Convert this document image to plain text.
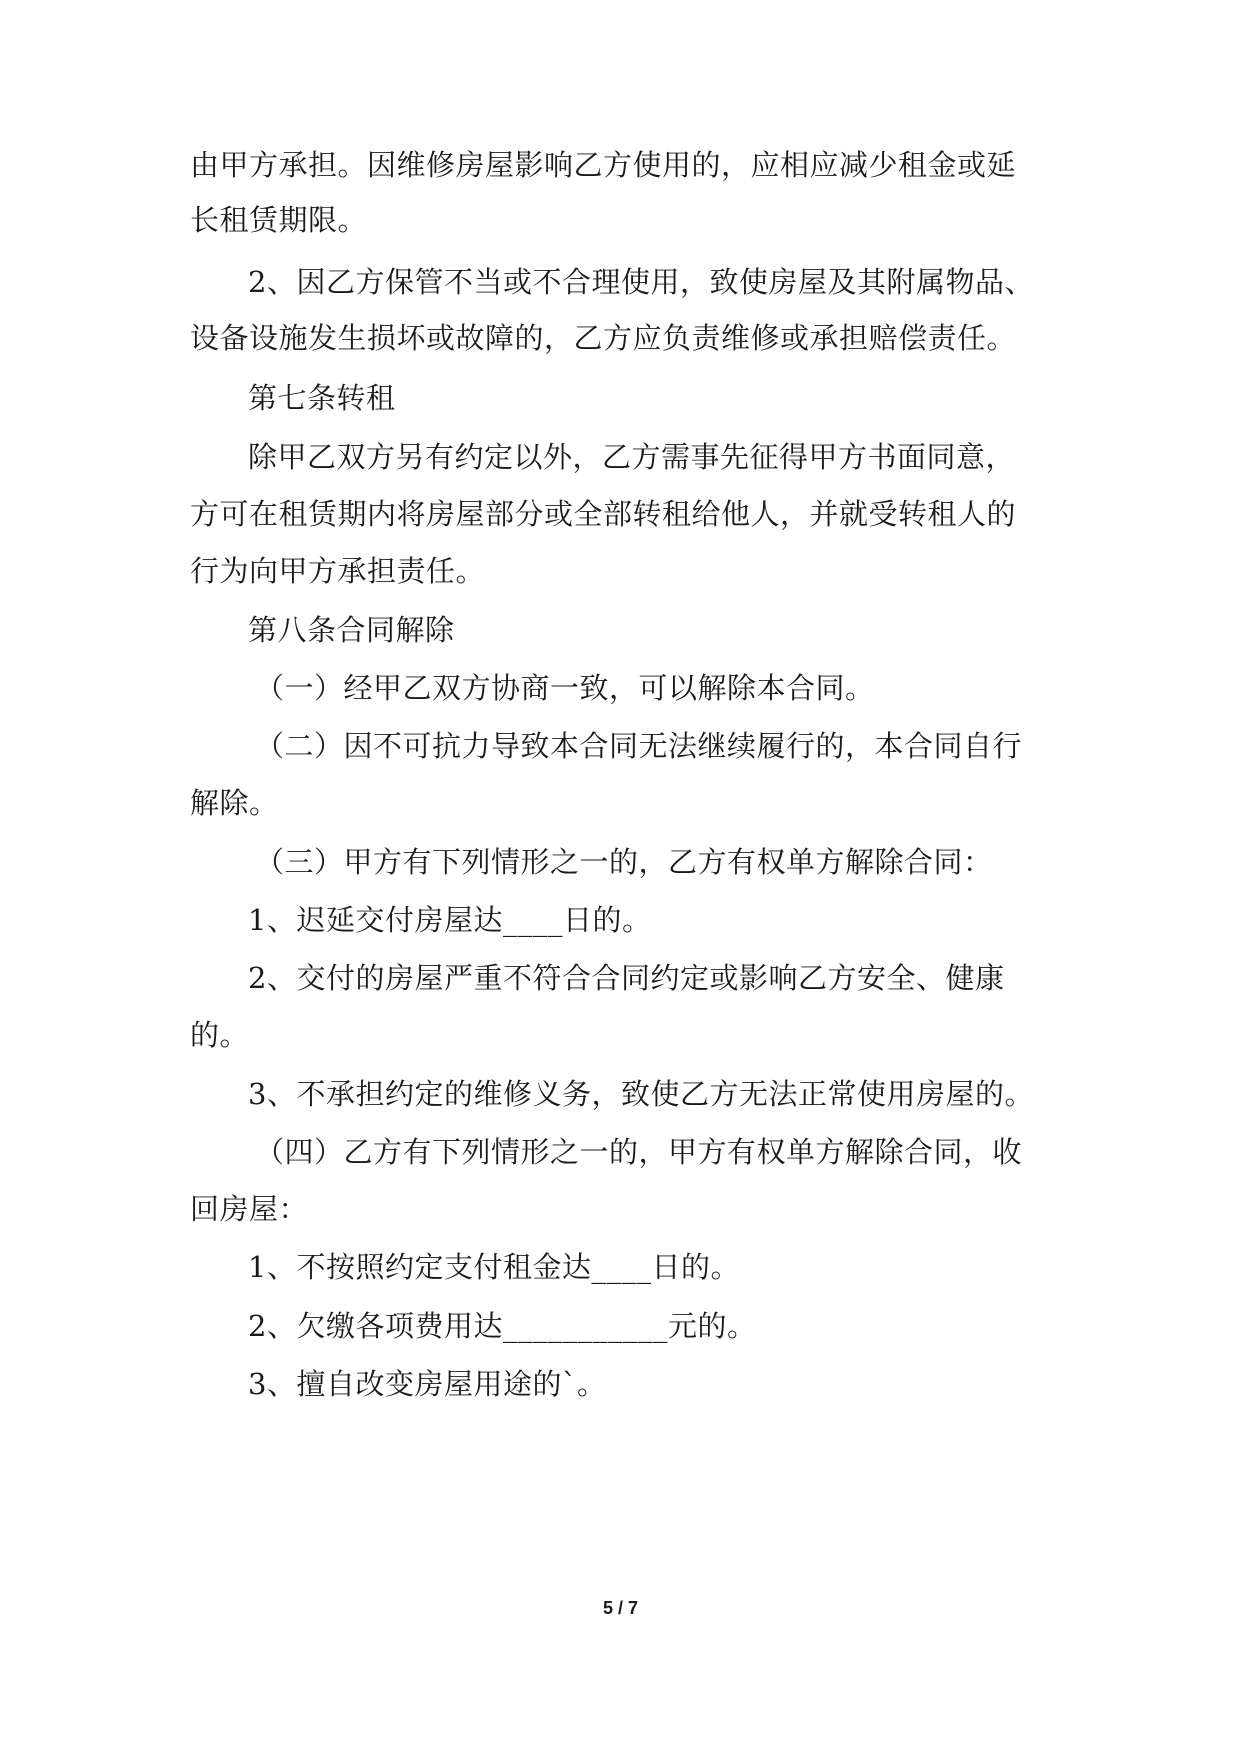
由甲方承担。因维修房屋影响乙方使用的，应相应减少租金或延
长租赁期限。
2、因乙方保管不当或不合理使用，致使房屋及其附属物品、
设备设施发生损坏或故障的，乙方应负责维修或承担赔偿责任。
第七条转租
除甲乙双方另有约定以外，乙方需事先征得甲方书面同意，
方可在租赁期内将房屋部分或全部转租给他人，并就受转租人的
行为向甲方承担责任。
第八条合同解除
（一）经甲乙双方协商一致，可以解除本合同。
（二）因不可抗力导致本合同无法继续履行的，本合同自行
解除。
（三）甲方有下列情形之一的，乙方有权单方解除合同：
1、迟延交付房屋达____日的。
2、交付的房屋严重不符合合同约定或影响乙方安全、健康
的。
3、不承担约定的维修义务，致使乙方无法正常使用房屋的。
（四）乙方有下列情形之一的，甲方有权单方解除合同，收
回房屋：
1、不按照约定支付租金达____日的。
2、欠缴各项费用达___________元的。
3、擅自改变房屋用途的`。
5 / 7
